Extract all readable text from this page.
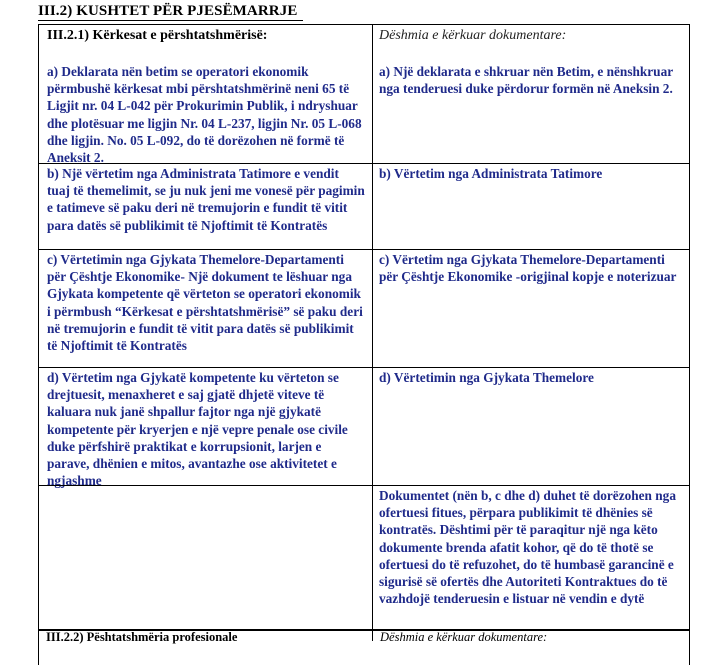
III.2) KUSHTET PËR PJESËMARRJE
III.2.1) Kërkesat e përshtatshmërisë:	Dëshmia e kërkuar dokumentare:
a) Deklarata nën betim se operatori ekonomik përmbushë kërkesat mbi përshtatshmërinë neni 65 të Ligjit nr. 04 L-042 për Prokurimin Publik, i ndryshuar dhe plotësuar me ligjin Nr. 04 L-237, ligjin Nr. 05 L-068 dhe ligjin. No. 05 L-092, do të dorëzohen në formë të Aneksit 2.
a) Një deklarata e shkruar nën Betim, e nënshkruar nga tenderuesi duke përdorur formën në Aneksin 2.
b) Një vërtetim nga Administrata Tatimore e vendit tuaj të themelimit, se ju nuk jeni me vonesë për pagimin e tatimeve së paku deri në tremujorin e fundit të vitit para datës së publikimit të Njoftimit të Kontratës
b) Vërtetim nga Administrata Tatimore
c) Vërtetimin nga Gjykata Themelore-Departamenti për Çështje Ekonomike- Një dokument te lëshuar nga Gjykata kompetente që vërteton se operatori ekonomik i përmbush “Kërkesat e përshtatshmërisë” së paku deri në tremujorin e fundit të vitit para datës së publikimit të Njoftimit të Kontratës
c) Vërtetim nga Gjykata Themelore-Departamenti për Çështje Ekonomike -origjinal kopje e noterizuar
d) Vërtetim nga Gjykatë kompetente ku vërteton se drejtuesit, menaxheret e saj gjatë dhjetë viteve të kaluara nuk janë shpallur fajtor nga një gjykatë kompetente për kryerjen e një vepre penale ose civile duke përfshirë praktikat e korrupsionit, larjen e parave, dhënien e mitos, avantazhe ose aktivitetet e ngjashme
d) Vërtetimin nga Gjykata Themelore
Dokumentet (nën b, c dhe d) duhet të dorëzohen nga ofertuesi fitues, përpara publikimit të dhënies së kontratës. Dështimi për të paraqitur një nga këto dokumente brenda afatit kohor, që do të thotë se ofertuesi do të refuzohet, do të humbasë garancinë e sigurisë së ofertës dhe Autoriteti Kontraktues do të vazhdojë tenderuesin e listuar në vendin e dytë
III.2.2) Pështatshmëria profesionale	Dëshmia e kërkuar dokumentare:
